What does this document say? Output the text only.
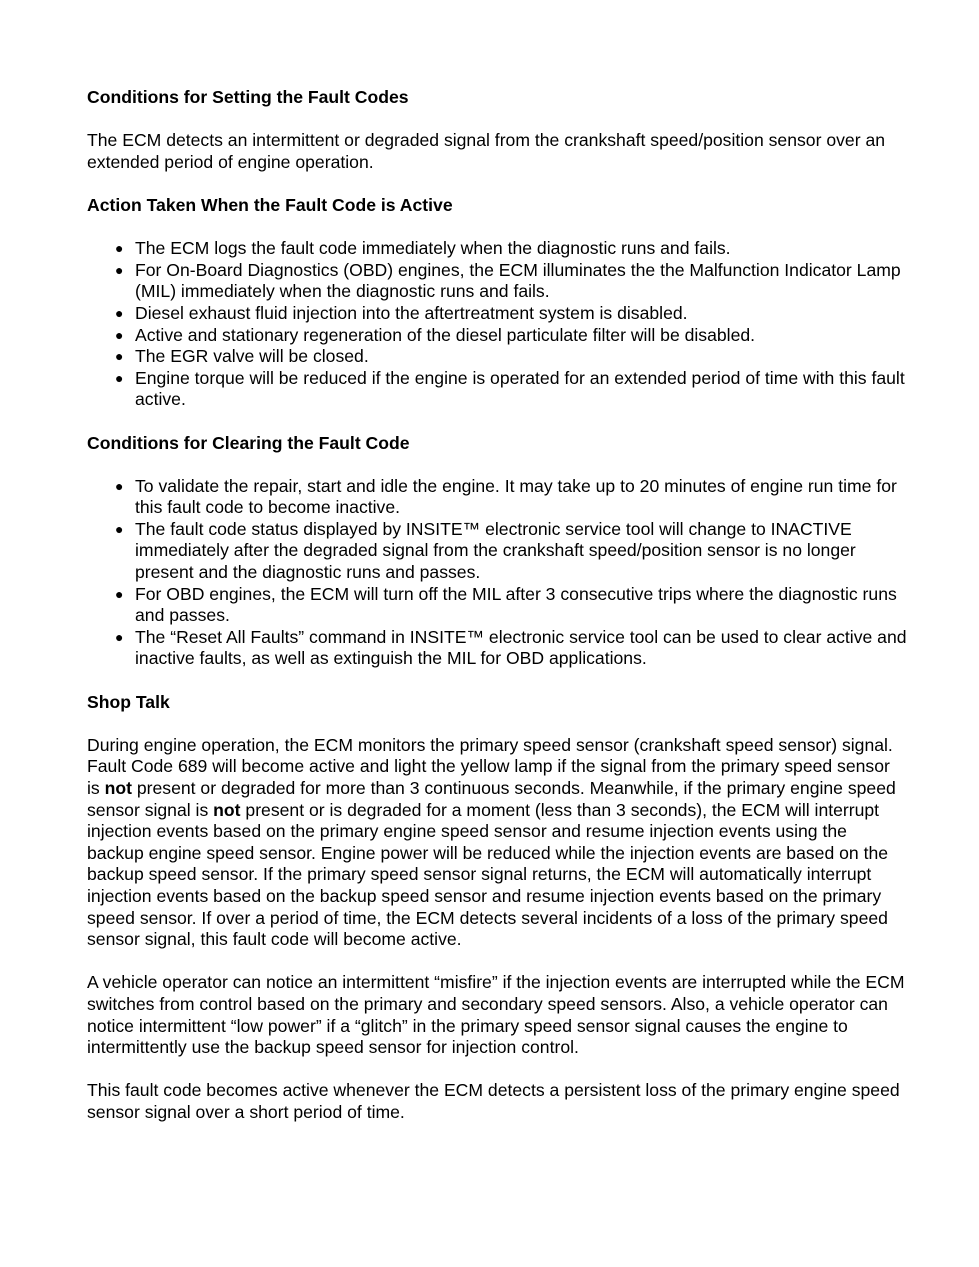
Conditions for Setting the Fault Codes

The ECM detects an intermittent or degraded signal from the crankshaft speed/position sensor over an extended period of engine operation.

Action Taken When the Fault Code is Active
● The ECM logs the fault code immediately when the diagnostic runs and fails.
● For On-Board Diagnostics (OBD) engines, the ECM illuminates the the Malfunction Indicator Lamp (MIL) immediately when the diagnostic runs and fails.
● Diesel exhaust fluid injection into the aftertreatment system is disabled.
● Active and stationary regeneration of the diesel particulate filter will be disabled.
● The EGR valve will be closed.
● Engine torque will be reduced if the engine is operated for an extended period of time with this fault active.
Conditions for Clearing the Fault Code
● To validate the repair, start and idle the engine. It may take up to 20 minutes of engine run time for this fault code to become inactive.
● The fault code status displayed by INSITE™ electronic service tool will change to INACTIVE immediately after the degraded signal from the crankshaft speed/position sensor is no longer present and the diagnostic runs and passes.
● For OBD engines, the ECM will turn off the MIL after 3 consecutive trips where the diagnostic runs and passes.
● The “Reset All Faults” command in INSITE™ electronic service tool can be used to clear active and inactive faults, as well as extinguish the MIL for OBD applications.
Shop Talk

During engine operation, the ECM monitors the primary speed sensor (crankshaft speed sensor) signal. Fault Code 689 will become active and light the yellow lamp if the signal from the primary speed sensor is not present or degraded for more than 3 continuous seconds. Meanwhile, if the primary engine speed sensor signal is not present or is degraded for a moment (less than 3 seconds), the ECM will interrupt injection events based on the primary engine speed sensor and resume injection events using the backup engine speed sensor. Engine power will be reduced while the injection events are based on the backup speed sensor. If the primary speed sensor signal returns, the ECM will automatically interrupt injection events based on the backup speed sensor and resume injection events based on the primary speed sensor. If over a period of time, the ECM detects several incidents of a loss of the primary speed sensor signal, this fault code will become active.

A vehicle operator can notice an intermittent “misfire” if the injection events are interrupted while the ECM switches from control based on the primary and secondary speed sensors. Also, a vehicle operator can notice intermittent “low power” if a “glitch” in the primary speed sensor signal causes the engine to intermittently use the backup speed sensor for injection control.

This fault code becomes active whenever the ECM detects a persistent loss of the primary engine speed sensor signal over a short period of time.
